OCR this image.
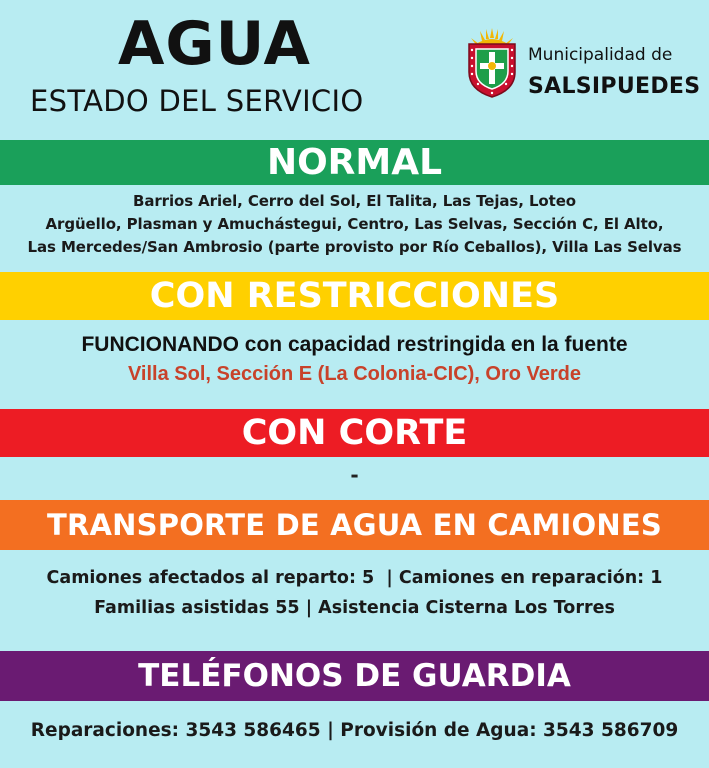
AGUA
ESTADO DEL SERVICIO
Municipalidad de
SALSIPUEDES
NORMAL
Barrios Ariel, Cerro del Sol, El Talita, Las Tejas, Loteo
Argüello, Plasman y Amuchástegui, Centro, Las Selvas, Sección C, El Alto,
Las Mercedes/San Ambrosio (parte provisto por Río Ceballos), Villa Las Selvas
CON RESTRICCIONES
FUNCIONANDO con capacidad restringida en la fuente
Villa Sol, Sección E (La Colonia-CIC), Oro Verde
CON CORTE
-
TRANSPORTE DE AGUA EN CAMIONES
Camiones afectados al reparto: 5  | Camiones en reparación: 1
Familias asistidas 55 | Asistencia Cisterna Los Torres
TELÉFONOS DE GUARDIA
Reparaciones: 3543 586465 | Provisión de Agua: 3543 586709
